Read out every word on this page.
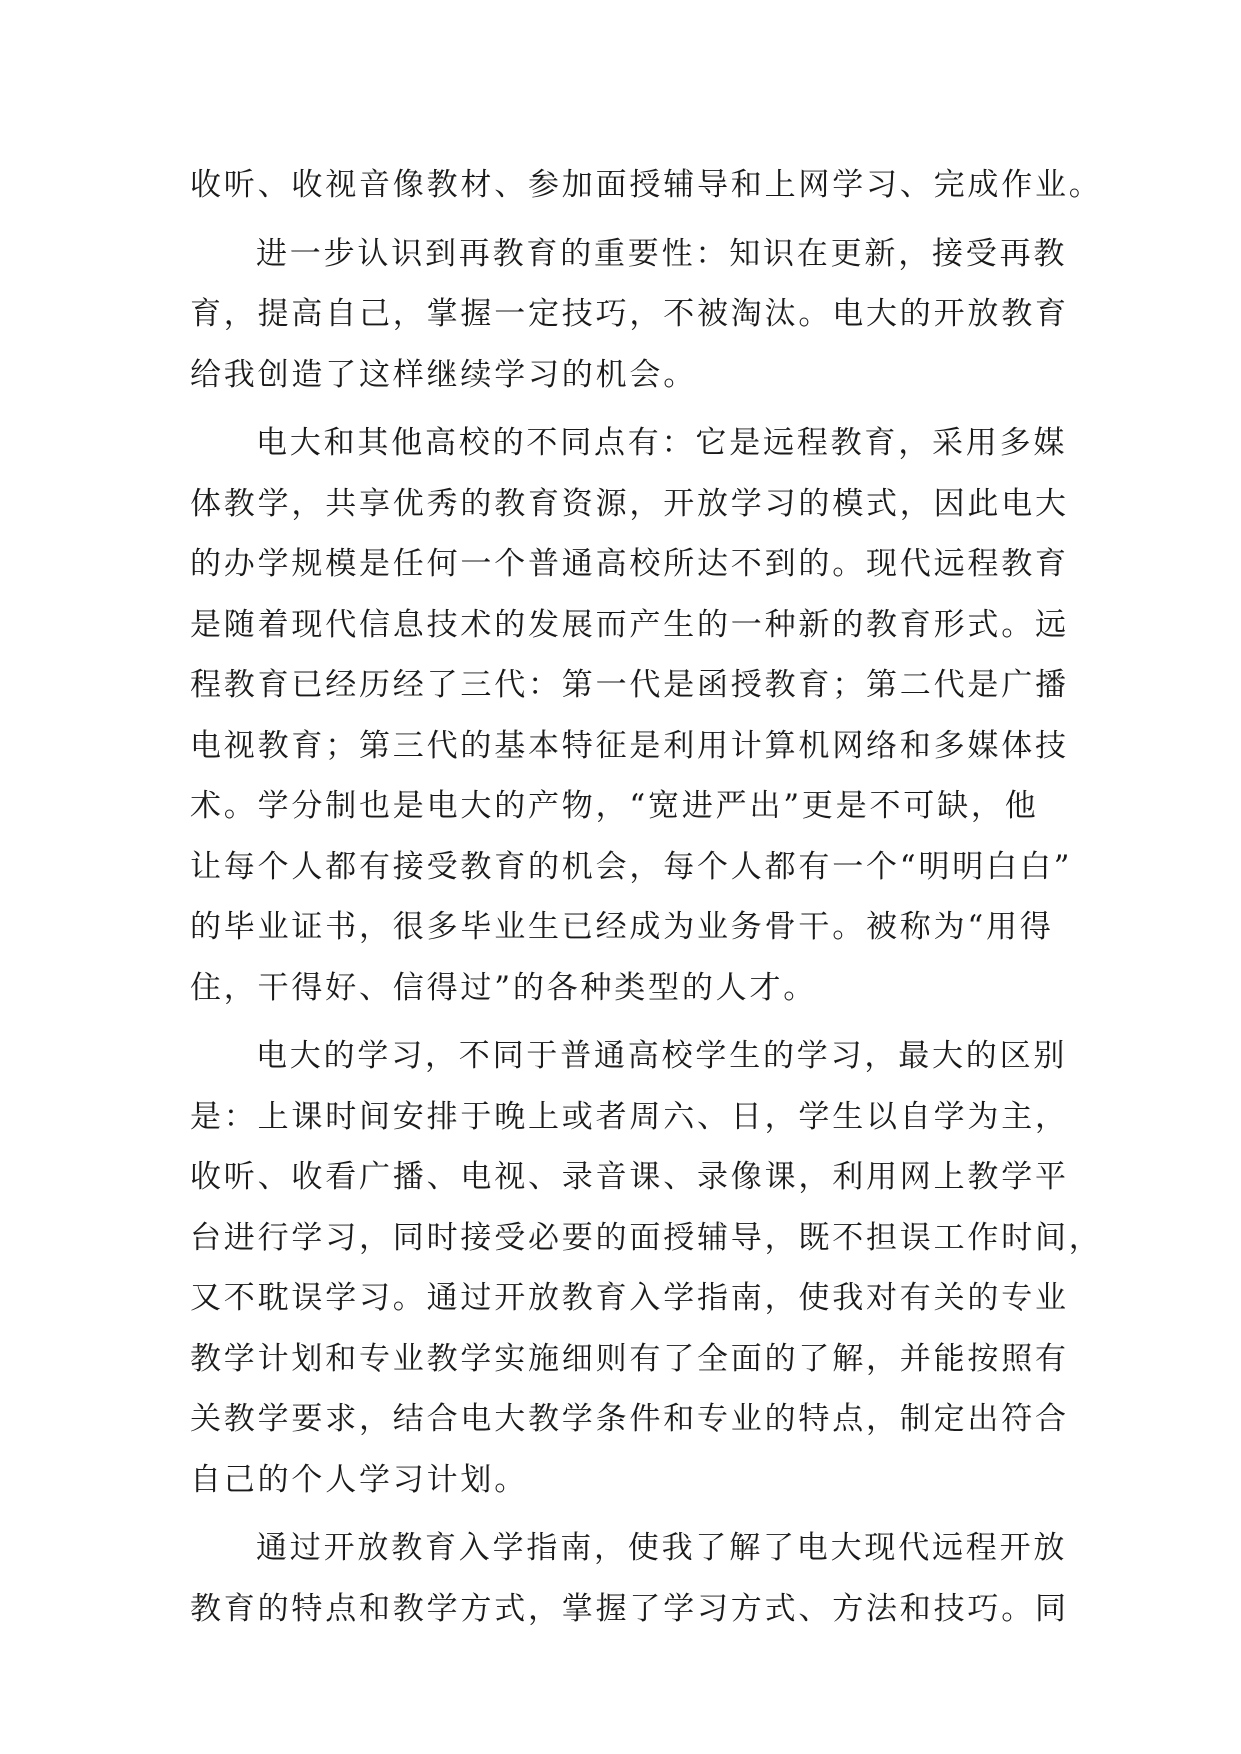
收听、收视音像教材、参加面授辅导和上网学习、完成作业。
进一步认识到再教育的重要性：知识在更新，接受再教
育，提高自己，掌握一定技巧，不被淘汰。电大的开放教育
给我创造了这样继续学习的机会。
电大和其他高校的不同点有：它是远程教育，采用多媒
体教学，共享优秀的教育资源，开放学习的模式，因此电大
的办学规模是任何一个普通高校所达不到的。现代远程教育
是随着现代信息技术的发展而产生的一种新的教育形式。远
程教育已经历经了三代：第一代是函授教育；第二代是广播
电视教育；第三代的基本特征是利用计算机网络和多媒体技
术。学分制也是电大的产物，“宽进严出”更是不可缺，他
让每个人都有接受教育的机会，每个人都有一个“明明白白”
的毕业证书，很多毕业生已经成为业务骨干。被称为“用得
住，干得好、信得过”的各种类型的人才。
电大的学习，不同于普通高校学生的学习，最大的区别
是：上课时间安排于晚上或者周六、日，学生以自学为主，
收听、收看广播、电视、录音课、录像课，利用网上教学平
台进行学习，同时接受必要的面授辅导，既不担误工作时间，
又不耽误学习。通过开放教育入学指南，使我对有关的专业
教学计划和专业教学实施细则有了全面的了解，并能按照有
关教学要求，结合电大教学条件和专业的特点，制定出符合
自己的个人学习计划。
通过开放教育入学指南，使我了解了电大现代远程开放
教育的特点和教学方式，掌握了学习方式、方法和技巧。同
